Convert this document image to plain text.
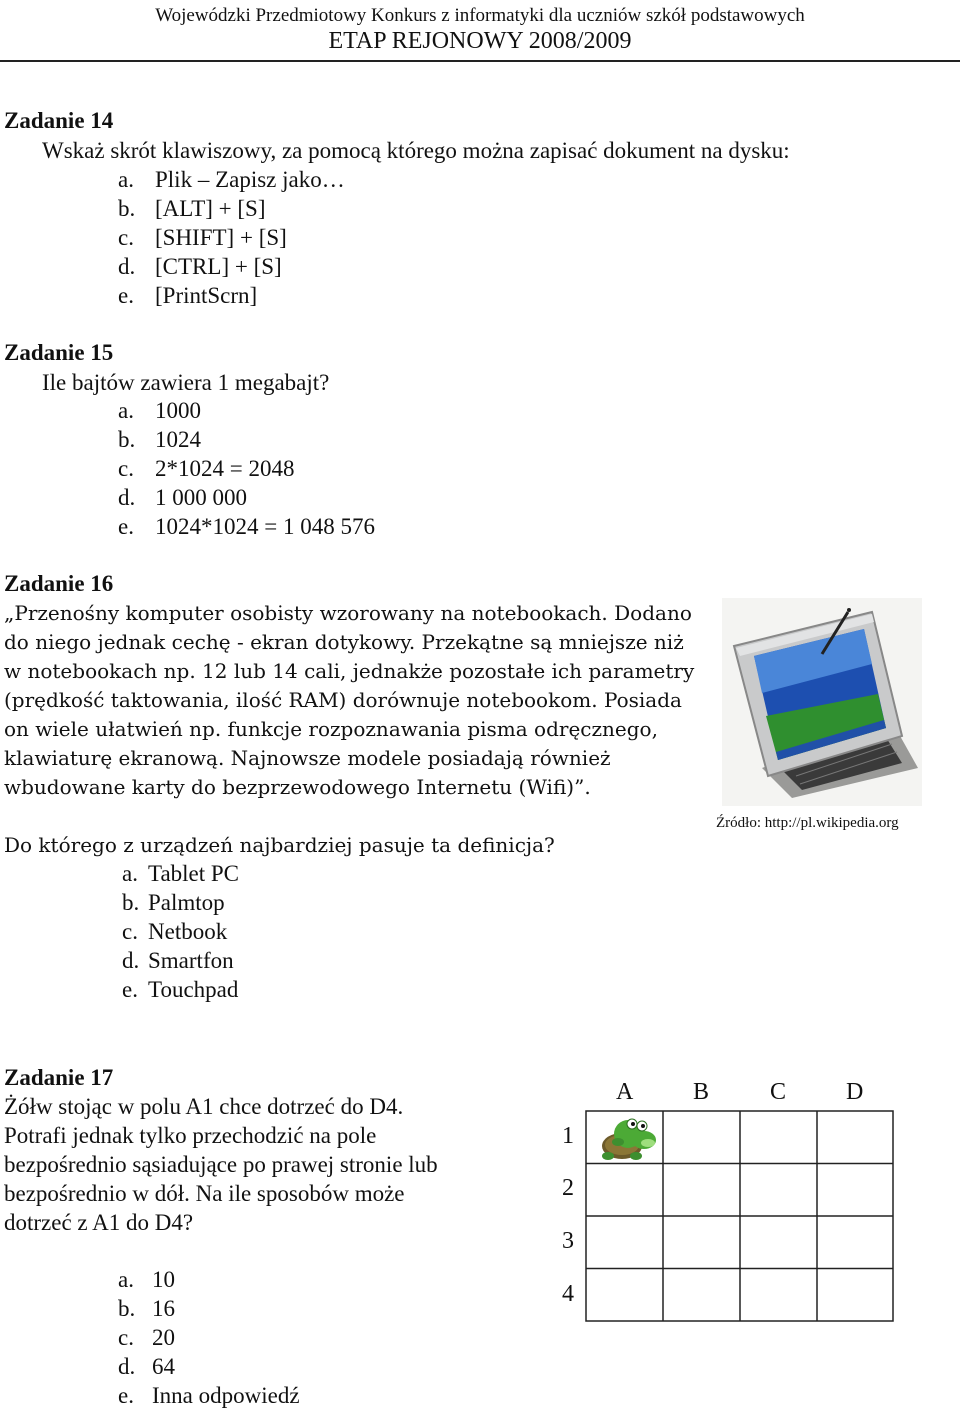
Wojewódzki Przedmiotowy Konkurs z informatyki dla uczniów szkół podstawowych
ETAP REJONOWY 2008/2009
Zadanie 14
Wskaż skrót klawiszowy, za pomocą którego można zapisać dokument na dysku:
a. Plik – Zapisz jako…
b. [ALT] + [S]
c. [SHIFT] + [S]
d. [CTRL] + [S]
e. [PrintScrn]
Zadanie 15
Ile bajtów zawiera 1 megabajt?
a. 1000
b. 1024
c. 2*1024 = 2048
d. 1 000 000
e. 1024*1024 = 1 048 576
Zadanie 16
„Przenośny komputer osobisty wzorowany na notebookach. Dodano
do niego jednak cechę - ekran dotykowy. Przekątne są mniejsze niż
w notebookach np. 12 lub 14 cali, jednakże pozostałe ich parametry
(prędkość taktowania, ilość RAM) dorównuje notebookom. Posiada
on wiele ułatwień np. funkcje rozpoznawania pisma odręcznego,
klawiaturę ekranową. Najnowsze modele posiadają również
wbudowane karty do bezprzewodowego Internetu (Wifi)”.
Źródło: http://pl.wikipedia.org
Do którego z urządzeń najbardziej pasuje ta definicja?
a. Tablet PC
b. Palmtop
c. Netbook
d. Smartfon
e. Touchpad
Zadanie 17
Żółw stojąc w polu A1 chce dotrzeć do D4.
Potrafi jednak tylko przechodzić na pole
bezpośrednio sąsiadujące po prawej stronie lub
bezpośrednio w dół. Na ile sposobów może
dotrzeć z A1 do D4?
a. 10
b. 16
c. 20
d. 64
e. Inna odpowiedź
A B	C D
1
2
3
4
